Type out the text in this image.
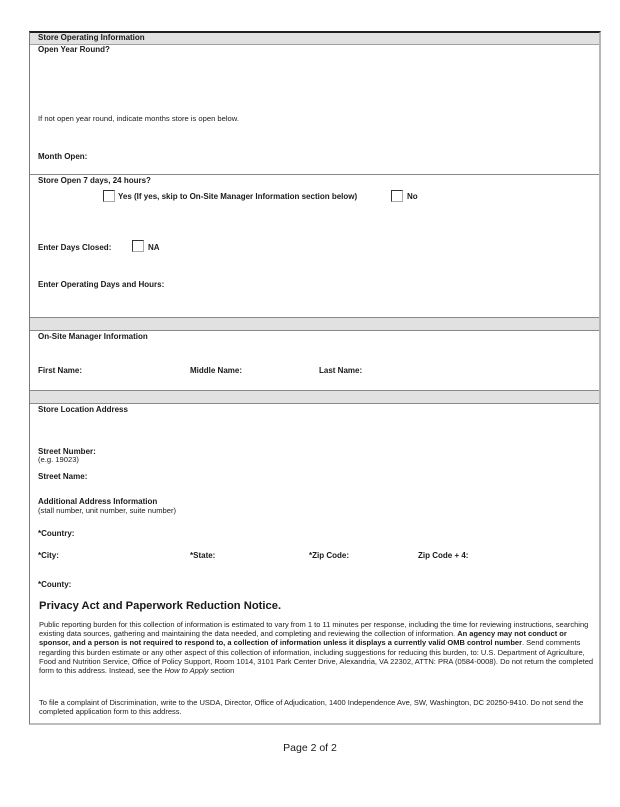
Store Operating Information
Open Year Round?
If not open year round, indicate months store is open below.
Month Open:
Store Open 7 days, 24 hours?
Yes (If yes, skip to On-Site Manager Information section below)	No
Enter Days Closed:	NA
Enter Operating Days and Hours:
On-Site Manager Information
First Name:	Middle Name:	Last Name:
Store Location Address
Street Number:
(e.g. 19023)
Street Name:
Additional Address Information
(stall number, unit number, suite number)
*Country:
*City:	*State:	*Zip Code:	Zip Code + 4:
*County:
Privacy Act and Paperwork Reduction Notice.
Public reporting burden for this collection of information is estimated to vary from 1 to 11 minutes per response, including the time for reviewing instructions, searching existing data sources, gathering and maintaining the data needed, and completing and reviewing the collection of information. An agency may not conduct or sponsor, and a person is not required to respond to, a collection of information unless it displays a currently valid OMB control number. Send comments regarding this burden estimate or any other aspect of this collection of information, including suggestions for reducing this burden, to: U.S. Department of Agriculture, Food and Nutrition Service, Office of Policy Support, Room 1014, 3101 Park Center Drive, Alexandria, VA 22302, ATTN: PRA (0584-0008). Do not return the completed form to this address. Instead, see the How to Apply section
To file a complaint of Discrimination, write to the USDA, Director, Office of Adjudication, 1400 Independence Ave, SW, Washington, DC 20250-9410. Do not send the completed application form to this address.
Page 2 of 2
